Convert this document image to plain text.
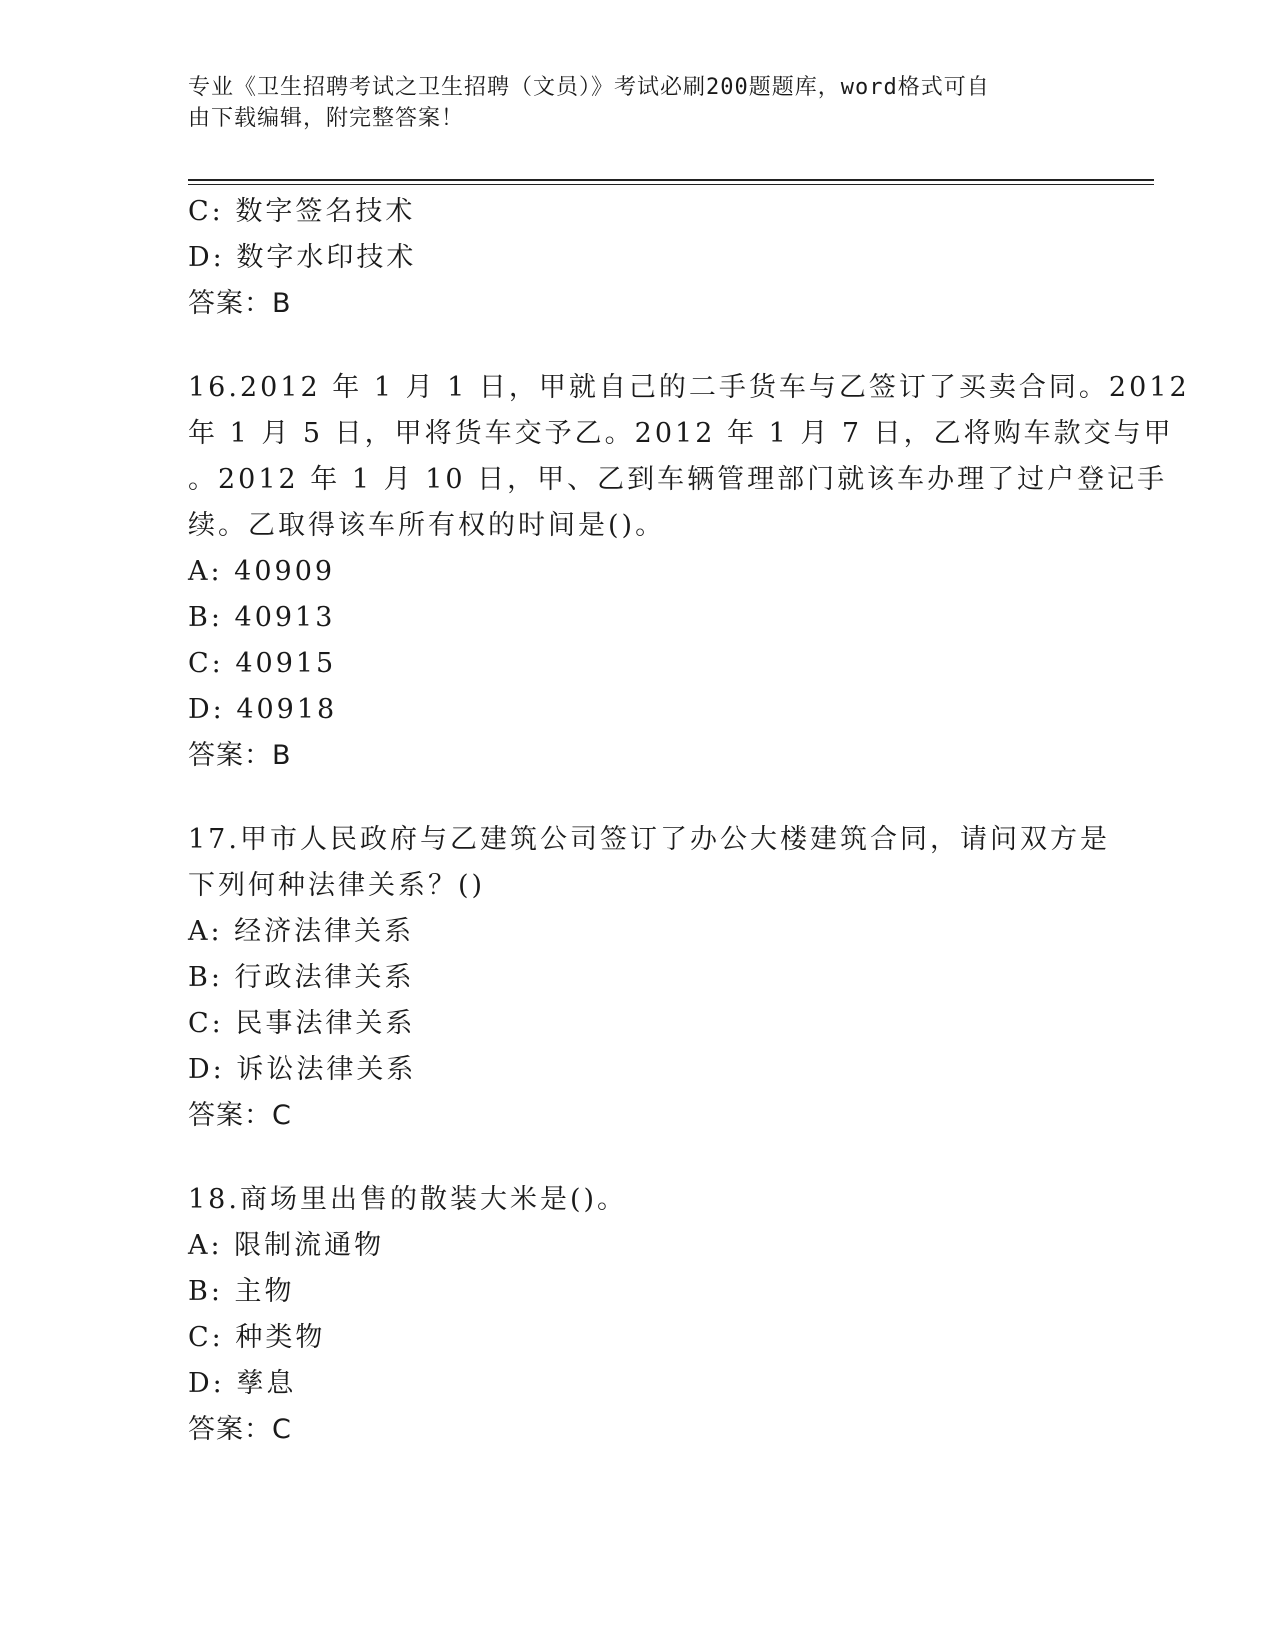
专业《卫生招聘考试之卫生招聘（文员）》考试必刷200题题库，word格式可自
由下载编辑，附完整答案！
C: 数字签名技术
D: 数字水印技术
答案：B
16.2012 年 1 月 1 日，甲就自己的二手货车与乙签订了买卖合同。2012
年 1 月 5 日，甲将货车交予乙。2012 年 1 月 7 日，乙将购车款交与甲
。2012 年 1 月 10 日，甲、乙到车辆管理部门就该车办理了过户登记手
续。乙取得该车所有权的时间是()。
A: 40909
B: 40913
C: 40915
D: 40918
答案：B
17.甲市人民政府与乙建筑公司签订了办公大楼建筑合同，请问双方是
下列何种法律关系？()
A: 经济法律关系
B: 行政法律关系
C: 民事法律关系
D: 诉讼法律关系
答案：C
18.商场里出售的散装大米是()。
A: 限制流通物
B: 主物
C: 种类物
D: 孳息
答案：C
